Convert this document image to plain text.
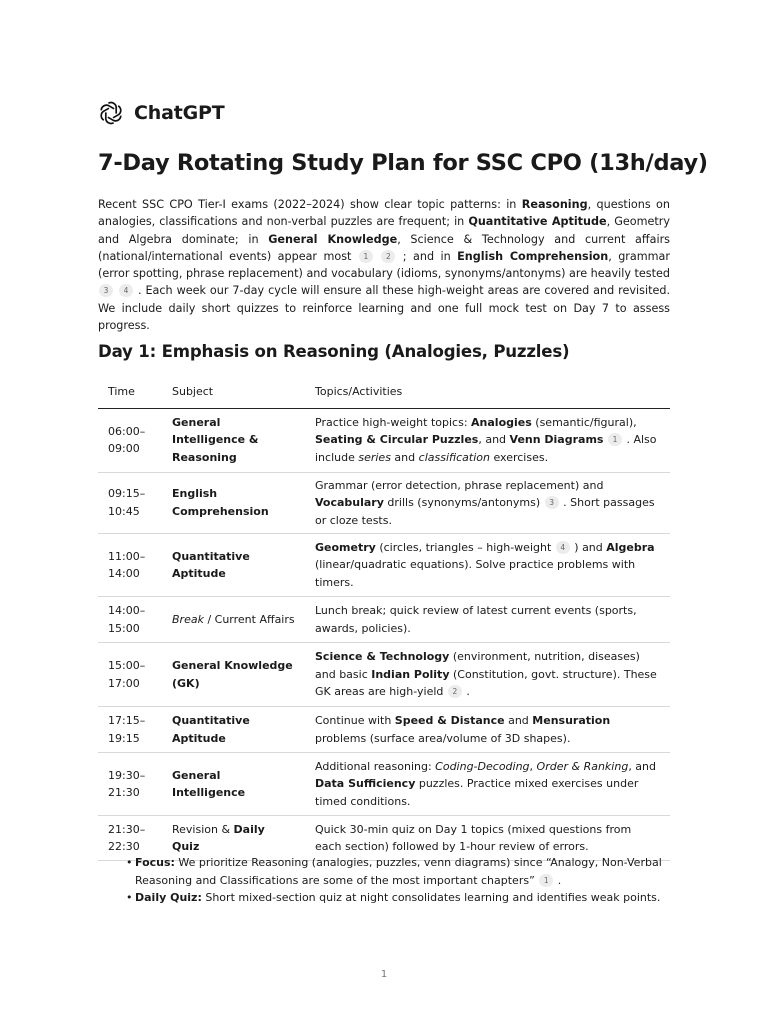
ChatGPT
7-Day Rotating Study Plan for SSC CPO (13h/day)

Recent SSC CPO Tier-I exams (2022–2024) show clear topic patterns: in Reasoning, questions on analogies, classifications and non-verbal puzzles are frequent; in Quantitative Aptitude, Geometry and Algebra dominate; in General Knowledge, Science & Technology and current affairs (national/international events) appear most 1 2 ; and in English Comprehension, grammar (error spotting, phrase replacement) and vocabulary (idioms, synonyms/antonyms) are heavily tested 3 4 . Each week our 7-day cycle will ensure all these high-weight areas are covered and revisited. We include daily short quizzes to reinforce learning and one full mock test on Day 7 to assess progress.

Day 1: Emphasis on Reasoning (Analogies, Puzzles)
Time	Subject	Topics/Activities
06:00–09:00	General Intelligence & Reasoning	Practice high-weight topics: Analogies (semantic/figural), Seating & Circular Puzzles, and Venn Diagrams 1 . Also include series and classification exercises.
09:15–10:45	English Comprehension	Grammar (error detection, phrase replacement) and Vocabulary drills (synonyms/antonyms) 3 . Short passages or cloze tests.
11:00–14:00	Quantitative Aptitude	Geometry (circles, triangles – high-weight 4 ) and Algebra (linear/quadratic equations). Solve practice problems with timers.
14:00–15:00	Break / Current Affairs	Lunch break; quick review of latest current events (sports, awards, policies).
15:00–17:00	General Knowledge (GK)	Science & Technology (environment, nutrition, diseases) and basic Indian Polity (Constitution, govt. structure). These GK areas are high-yield 2 .
17:15–19:15	Quantitative Aptitude	Continue with Speed & Distance and Mensuration problems (surface area/volume of 3D shapes).
19:30–21:30	General Intelligence	Additional reasoning: Coding-Decoding, Order & Ranking, and Data Sufficiency puzzles. Practice mixed exercises under timed conditions.
21:30–22:30	Revision & Daily Quiz	Quick 30-min quiz on Day 1 topics (mixed questions from each section) followed by 1-hour review of errors.
• Focus: We prioritize Reasoning (analogies, puzzles, venn diagrams) since “Analogy, Non-Verbal Reasoning and Classifications are some of the most important chapters” 1 .
• Daily Quiz: Short mixed-section quiz at night consolidates learning and identifies weak points.
1
